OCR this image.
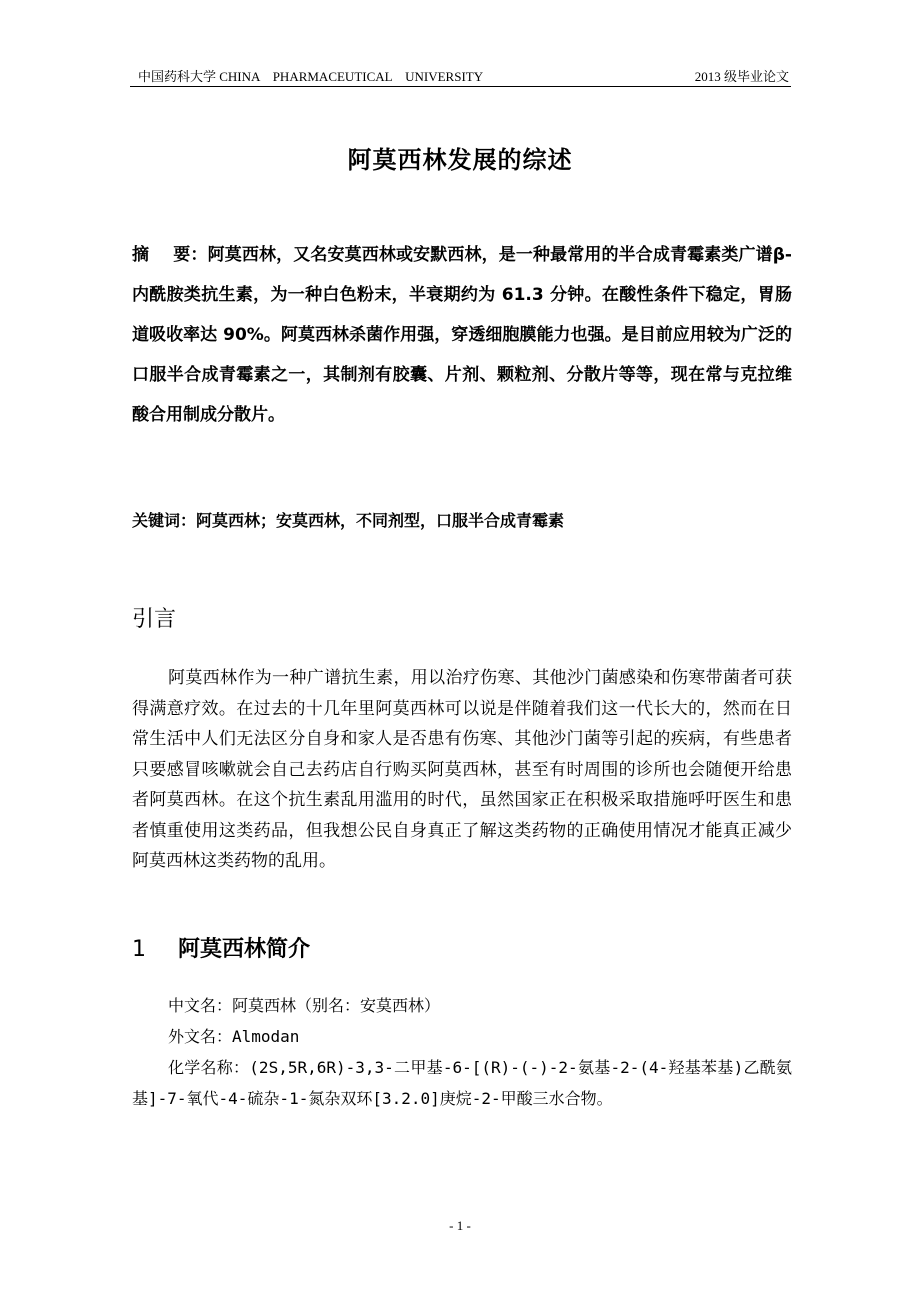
中国药科大学 CHINA    PHARMACEUTICAL    UNIVERSITY	2013 级毕业论文
阿莫西林发展的综述
摘    要：阿莫西林，又名安莫西林或安默西林，是一种最常用的半合成青霉素类广谱β-内酰胺类抗生素，为一种白色粉末，半衰期约为 61.3 分钟。在酸性条件下稳定，胃肠道吸收率达 90%。阿莫西林杀菌作用强，穿透细胞膜能力也强。是目前应用较为广泛的口服半合成青霉素之一，其制剂有胶囊、片剂、颗粒剂、分散片等等，现在常与克拉维酸合用制成分散片。
关键词：阿莫西林；安莫西林，不同剂型，口服半合成青霉素
引言

阿莫西林作为一种广谱抗生素，用以治疗伤寒、其他沙门菌感染和伤寒带菌者可获得满意疗效。在过去的十几年里阿莫西林可以说是伴随着我们这一代长大的，然而在日常生活中人们无法区分自身和家人是否患有伤寒、其他沙门菌等引起的疾病，有些患者只要感冒咳嗽就会自己去药店自行购买阿莫西林，甚至有时周围的诊所也会随便开给患者阿莫西林。在这个抗生素乱用滥用的时代，虽然国家正在积极采取措施呼吁医生和患者慎重使用这类药品，但我想公民自身真正了解这类药物的正确使用情况才能真正减少阿莫西林这类药物的乱用。

1 阿莫西林简介

中文名：阿莫西林（别名：安莫西林）

外文名：Almodan

化学名称：(2S,5R,6R)-3,3-二甲基-6-[(R)-(-)-2-氨基-2-(4-羟基苯基)乙酰氨基]-7-氧代-4-硫杂-1-氮杂双环[3.2.0]庚烷-2-甲酸三水合物。

- 1 -
